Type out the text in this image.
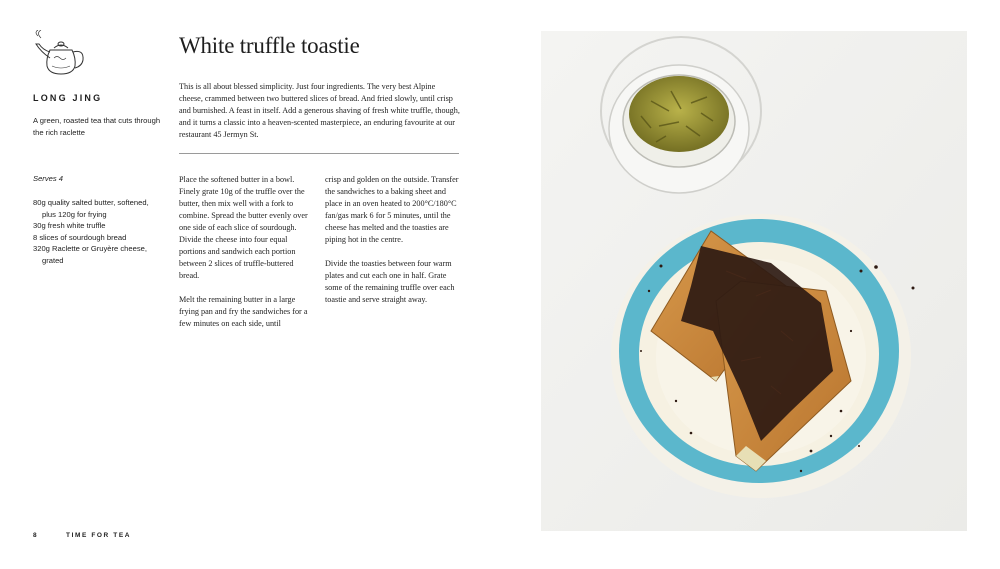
LONG JING
A green, roasted tea that cuts through the rich raclette
Serves 4
80g quality salted butter, softened, plus 120g for frying
30g fresh white truffle
8 slices of sourdough bread
320g Raclette or Gruyère cheese, grated
White truffle toastie

This is all about blessed simplicity. Just four ingredients. The very best Alpine cheese, crammed between two buttered slices of bread. And fried slowly, until crisp and burnished. A feast in itself. Add a generous shaving of fresh white truffle, though, and it turns a classic into a heaven-scented masterpiece, an enduring favourite at our restaurant 45 Jermyn St.

Place the softened butter in a bowl. Finely grate 10g of the truffle over the butter, then mix well with a fork to combine. Spread the butter evenly over one side of each slice of sourdough. Divide the cheese into four equal portions and sandwich each portion between 2 slices of truffle-buttered bread.

Melt the remaining butter in a large frying pan and fry the sandwiches for a few minutes on each side, until

crisp and golden on the outside. Transfer the sandwiches to a baking sheet and place in an oven heated to 200°C/180°C fan/gas mark 6 for 5 minutes, until the cheese has melted and the toasties are piping hot in the centre.

Divide the toasties between four warm plates and cut each one in half. Grate some of the remaining truffle over each toastie and serve straight away.

8	TIME FOR TEA
